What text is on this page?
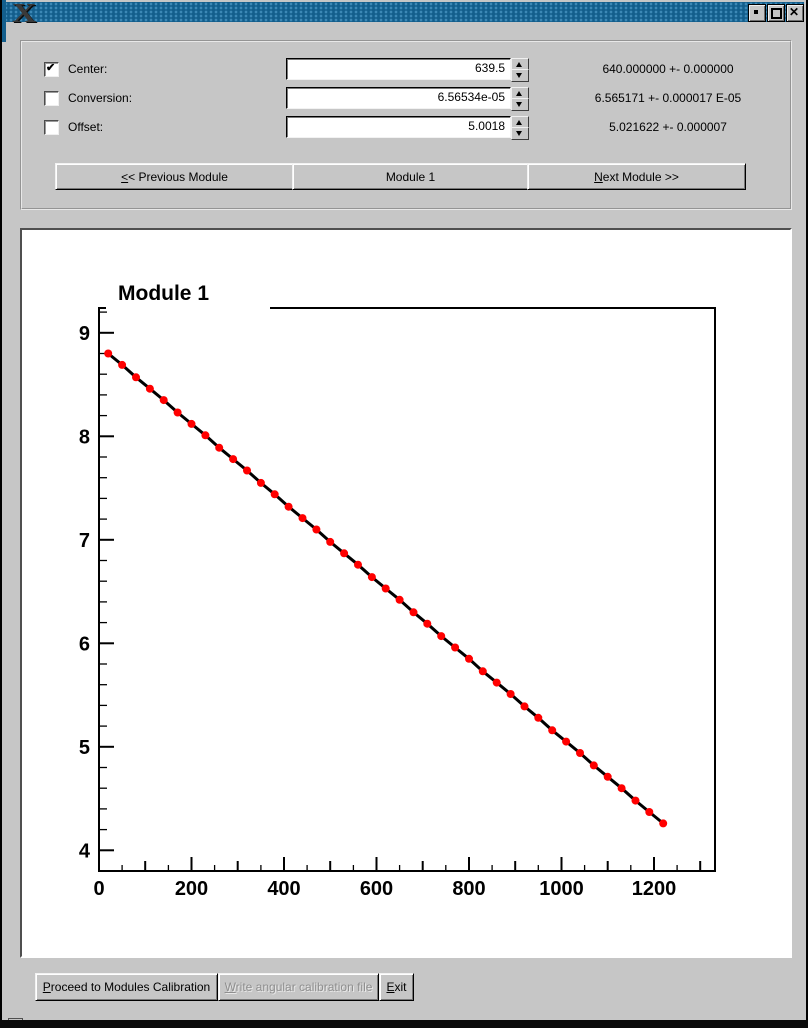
X	✕
✔
Center:	639.5	640.000000 +- 0.000000
Conversion:	6.56534e-05	6.565171 +- 0.000017 E-05
Offset:	5.0018	5.021622 +- 0.000007
<< Previous Module	Module 1	Next Module >>
0	200	400	600	800	1000 1200
4
5
6
7
8
9
Module 1
Proceed to Modules Calibration Write angular calibration file Exit
